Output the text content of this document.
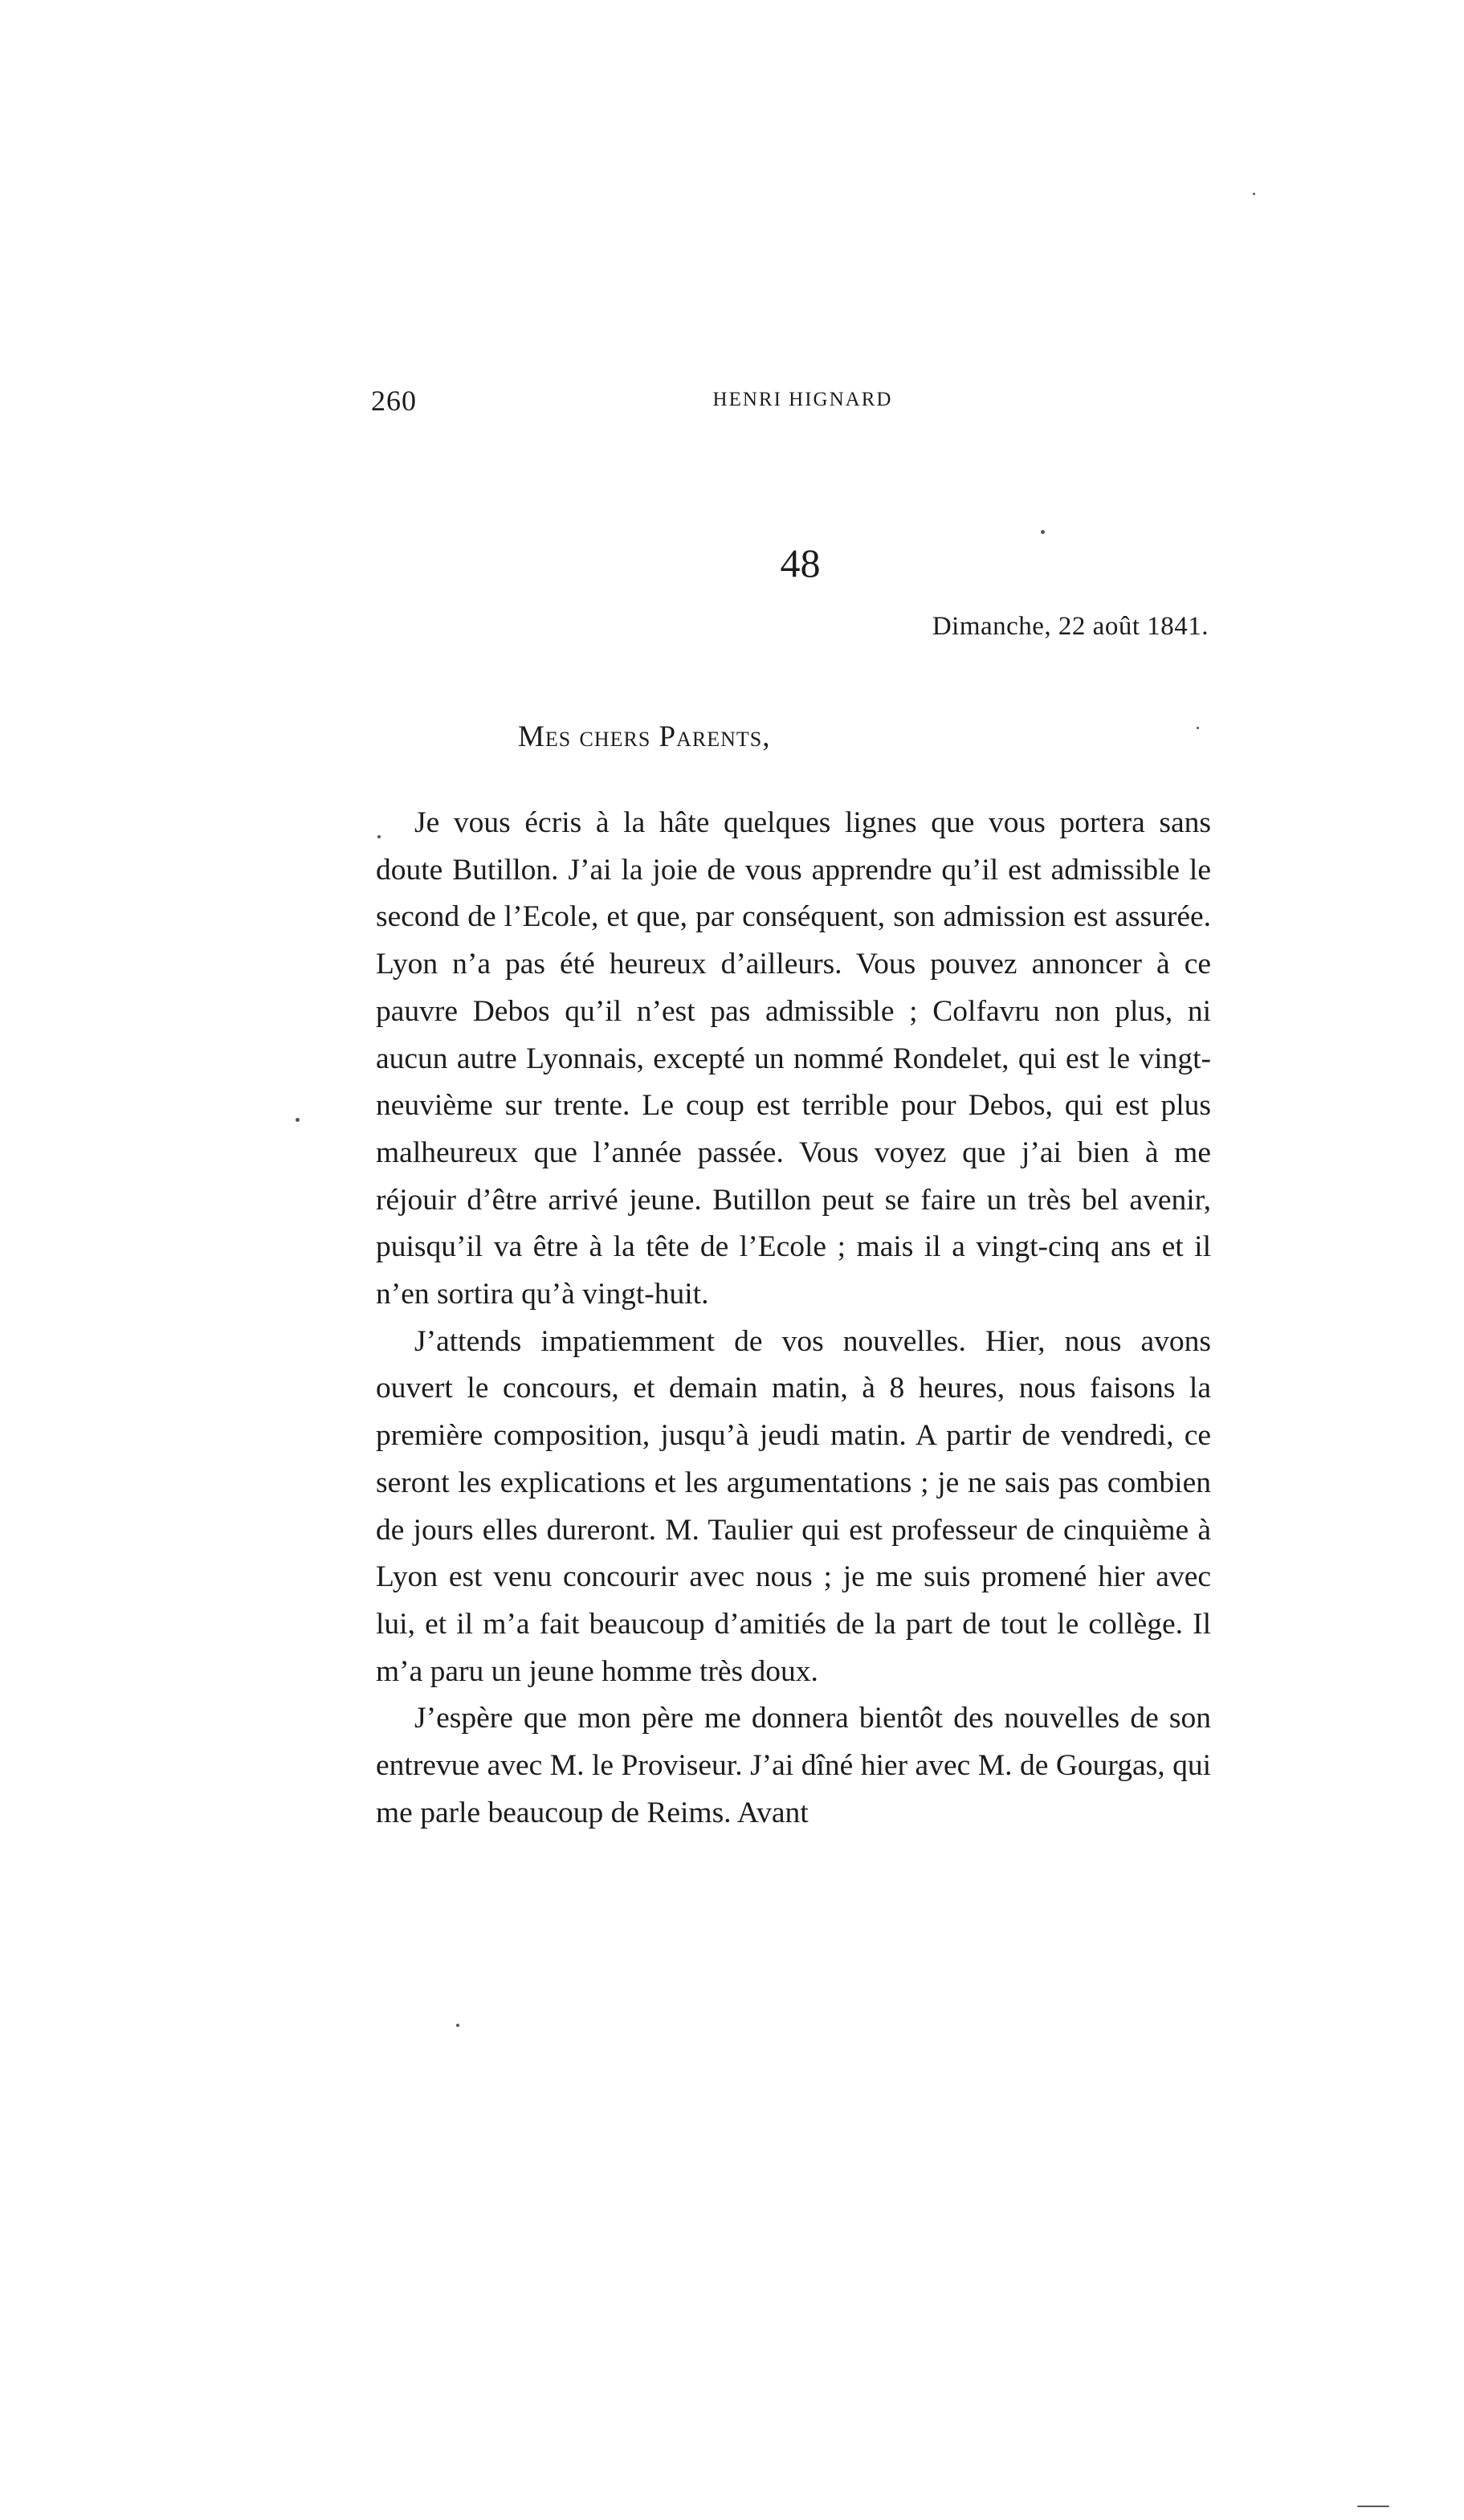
260	HENRI HIGNARD
48
Dimanche, 22 août 1841.
Mes chers Parents,

Je vous écris à la hâte quelques lignes que vous portera sans doute Butillon. J’ai la joie de vous apprendre qu’il est admissible le second de l’Ecole, et que, par conséquent, son admission est assurée. Lyon n’a pas été heureux d’ailleurs. Vous pouvez annoncer à ce pauvre Debos qu’il n’est pas admissible ; Colfavru non plus, ni aucun autre Lyonnais, excepté un nommé Rondelet, qui est le vingt-neuvième sur trente. Le coup est terrible pour Debos, qui est plus malheureux que l’année passée. Vous voyez que j’ai bien à me réjouir d’être arrivé jeune. Butillon peut se faire un très bel avenir, puisqu’il va être à la tête de l’Ecole ; mais il a vingt-cinq ans et il n’en sortira qu’à vingt-huit.

J’attends impatiemment de vos nouvelles. Hier, nous avons ouvert le concours, et demain matin, à 8 heures, nous faisons la première composition, jusqu’à jeudi matin. A partir de vendredi, ce seront les explications et les argumentations ; je ne sais pas combien de jours elles dureront. M. Taulier qui est professeur de cinquième à Lyon est venu concourir avec nous ; je me suis promené hier avec lui, et il m’a fait beaucoup d’amitiés de la part de tout le collège. Il m’a paru un jeune homme très doux.

J’espère que mon père me donnera bientôt des nouvelles de son entrevue avec M. le Proviseur. J’ai dîné hier avec M. de Gourgas, qui me parle beaucoup de Reims. Avant
